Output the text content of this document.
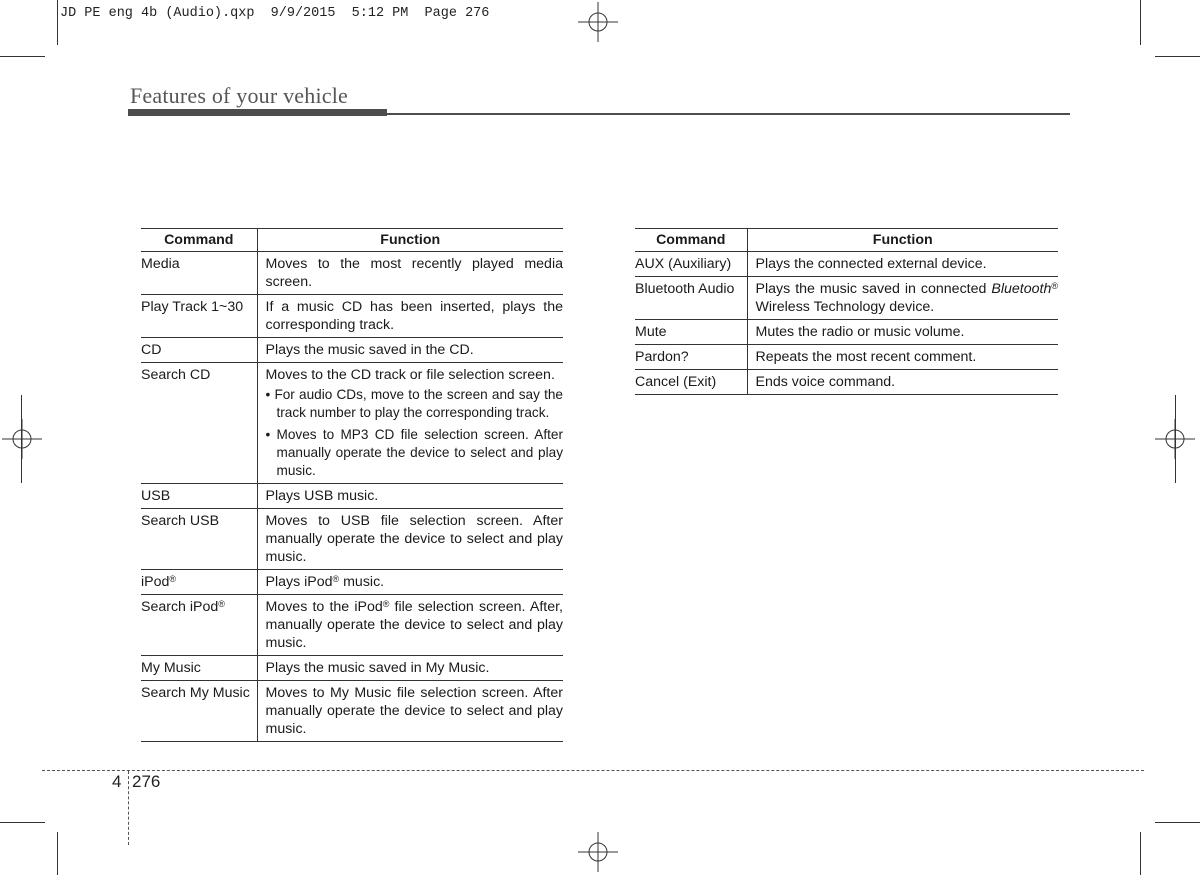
JD PE eng 4b (Audio).qxp  9/9/2015  5:12 PM  Page 276
Features of your vehicle
Command	Function
Media	Moves to the most recently played media screen.
Play Track 1~30	If a music CD has been inserted, plays the corresponding track.
CD	Plays the music saved in the CD.
Search CD	Moves to the CD track or file selection screen.
• For audio CDs, move to the screen and say the track number to play the corresponding track.
• Moves to MP3 CD file selection screen. After manually operate the device to select and play music.

USB	Plays USB music.
Search USB	Moves to USB file selection screen. After manually operate the device to select and play music.
iPod®	Plays iPod® music.
Search iPod®	Moves to the iPod® file selection screen. After, manually operate the device to select and play music.
My Music	Plays the music saved in My Music.
Search My Music	Moves to My Music file selection screen. After manually operate the device to select and play music.
Command	Function
AUX (Auxiliary)	Plays the connected external device.
Bluetooth Audio	Plays the music saved in connected Bluetooth® Wireless Technology device.
Mute	Mutes the radio or music volume.
Pardon?	Repeats the most recent comment.
Cancel (Exit)	Ends voice command.
4 276
